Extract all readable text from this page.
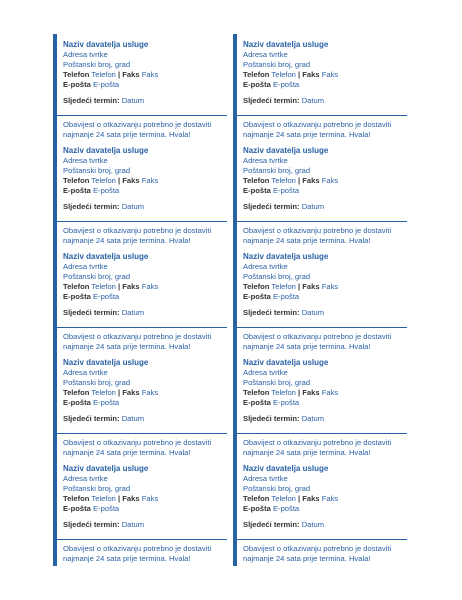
Naziv davatelja usluge
Adresa tvrtke
Poštanski broj, grad
Telefon Telefon | Faks Faks
E-pošta E-pošta
Sljedeći termin: Datum
Obavijest o otkazivanju potrebno je dostaviti
najmanje 24 sata prije termina. Hvala!
Naziv davatelja usluge
Adresa tvrtke
Poštanski broj, grad
Telefon Telefon | Faks Faks
E-pošta E-pošta
Sljedeći termin: Datum
Obavijest o otkazivanju potrebno je dostaviti
najmanje 24 sata prije termina. Hvala!
Naziv davatelja usluge
Adresa tvrtke
Poštanski broj, grad
Telefon Telefon | Faks Faks
E-pošta E-pošta
Sljedeći termin: Datum
Obavijest o otkazivanju potrebno je dostaviti
najmanje 24 sata prije termina. Hvala!
Naziv davatelja usluge
Adresa tvrtke
Poštanski broj, grad
Telefon Telefon | Faks Faks
E-pošta E-pošta
Sljedeći termin: Datum
Obavijest o otkazivanju potrebno je dostaviti
najmanje 24 sata prije termina. Hvala!
Naziv davatelja usluge
Adresa tvrtke
Poštanski broj, grad
Telefon Telefon | Faks Faks
E-pošta E-pošta
Sljedeći termin: Datum
Obavijest o otkazivanju potrebno je dostaviti
najmanje 24 sata prije termina. Hvala!
Naziv davatelja usluge
Adresa tvrtke
Poštanski broj, grad
Telefon Telefon | Faks Faks
E-pošta E-pošta
Sljedeći termin: Datum
Obavijest o otkazivanju potrebno je dostaviti
najmanje 24 sata prije termina. Hvala!
Naziv davatelja usluge
Adresa tvrtke
Poštanski broj, grad
Telefon Telefon | Faks Faks
E-pošta E-pošta
Sljedeći termin: Datum
Obavijest o otkazivanju potrebno je dostaviti
najmanje 24 sata prije termina. Hvala!
Naziv davatelja usluge
Adresa tvrtke
Poštanski broj, grad
Telefon Telefon | Faks Faks
E-pošta E-pošta
Sljedeći termin: Datum
Obavijest o otkazivanju potrebno je dostaviti
najmanje 24 sata prije termina. Hvala!
Naziv davatelja usluge
Adresa tvrtke
Poštanski broj, grad
Telefon Telefon | Faks Faks
E-pošta E-pošta
Sljedeći termin: Datum
Obavijest o otkazivanju potrebno je dostaviti
najmanje 24 sata prije termina. Hvala!
Naziv davatelja usluge
Adresa tvrtke
Poštanski broj, grad
Telefon Telefon | Faks Faks
E-pošta E-pošta
Sljedeći termin: Datum
Obavijest o otkazivanju potrebno je dostaviti
najmanje 24 sata prije termina. Hvala!
